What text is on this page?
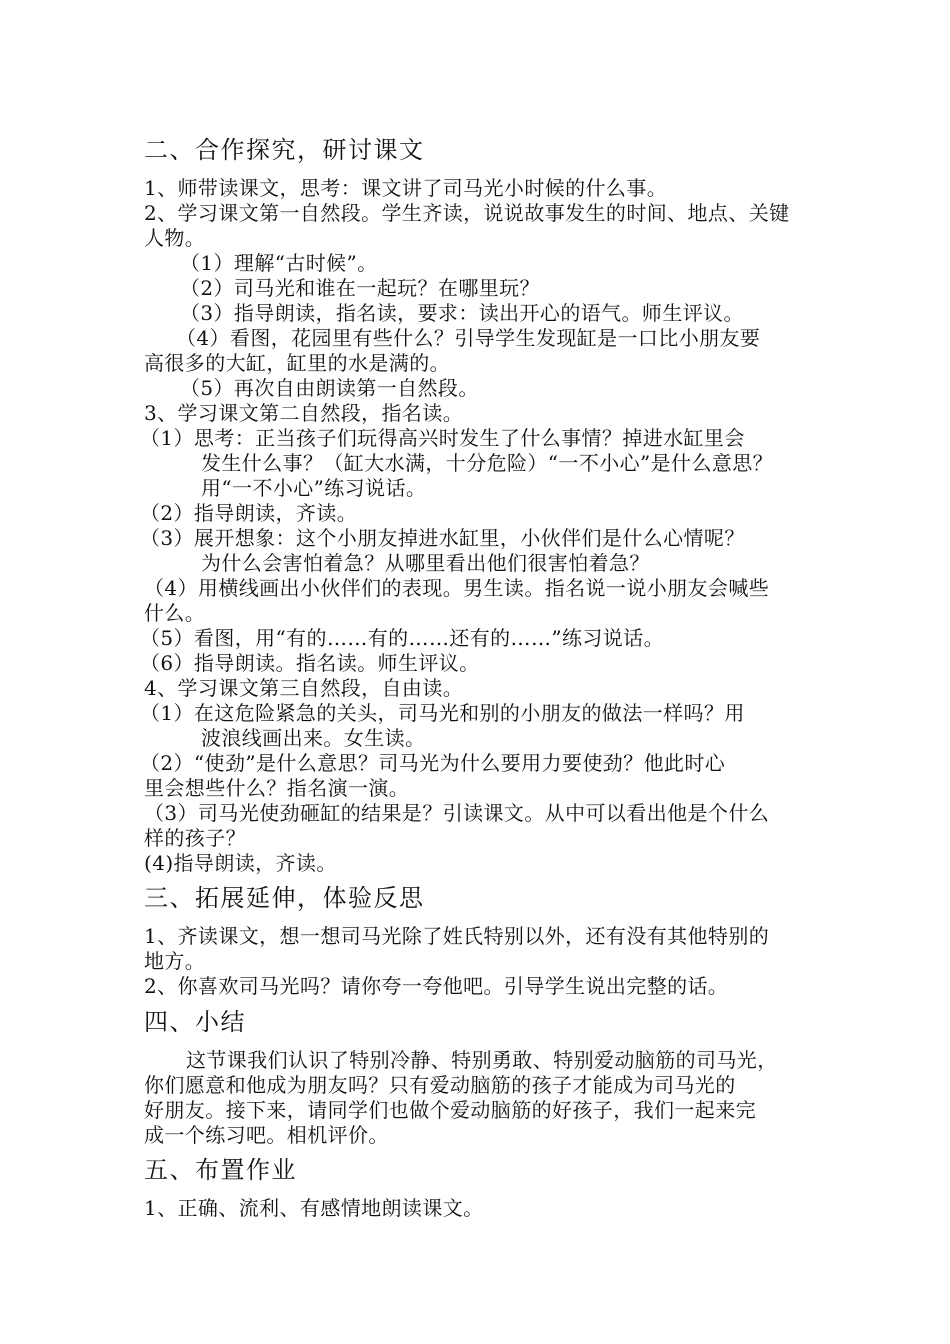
二、合作探究，研讨课文
1、师带读课文，思考：课文讲了司马光小时候的什么事。
2、学习课文第一自然段。学生齐读，说说故事发生的时间、地点、关键
人物。
（1）理解“古时候”。
（2）司马光和谁在一起玩？在哪里玩？
（3）指导朗读，指名读，要求：读出开心的语气。师生评议。
（4）看图，花园里有些什么？引导学生发现缸是一口比小朋友要
高很多的大缸，缸里的水是满的。
（5）再次自由朗读第一自然段。
3、学习课文第二自然段，指名读。
（1）思考：正当孩子们玩得高兴时发生了什么事情？掉进水缸里会
发生什么事？（缸大水满，十分危险）“一不小心”是什么意思？
用“一不小心”练习说话。
（2）指导朗读，齐读。
（3）展开想象：这个小朋友掉进水缸里，小伙伴们是什么心情呢？
为什么会害怕着急？从哪里看出他们很害怕着急？
（4）用横线画出小伙伴们的表现。男生读。指名说一说小朋友会喊些
什么。
（5）看图，用“有的……有的……还有的……”练习说话。
（6）指导朗读。指名读。师生评议。
4、学习课文第三自然段，自由读。
（1）在这危险紧急的关头，司马光和别的小朋友的做法一样吗？用
波浪线画出来。女生读。
（2）“使劲”是什么意思？司马光为什么要用力要使劲？他此时心
里会想些什么？指名演一演。
（3）司马光使劲砸缸的结果是？引读课文。从中可以看出他是个什么
样的孩子？
(4)指导朗读，齐读。
三、拓展延伸，体验反思
1、齐读课文，想一想司马光除了姓氏特别以外，还有没有其他特别的
地方。
2、你喜欢司马光吗？请你夸一夸他吧。引导学生说出完整的话。
四、小结
这节课我们认识了特别冷静、特别勇敢、特别爱动脑筋的司马光，
你们愿意和他成为朋友吗？只有爱动脑筋的孩子才能成为司马光的
好朋友。接下来，请同学们也做个爱动脑筋的好孩子，我们一起来完
成一个练习吧。相机评价。
五、布置作业
1、正确、流利、有感情地朗读课文。
